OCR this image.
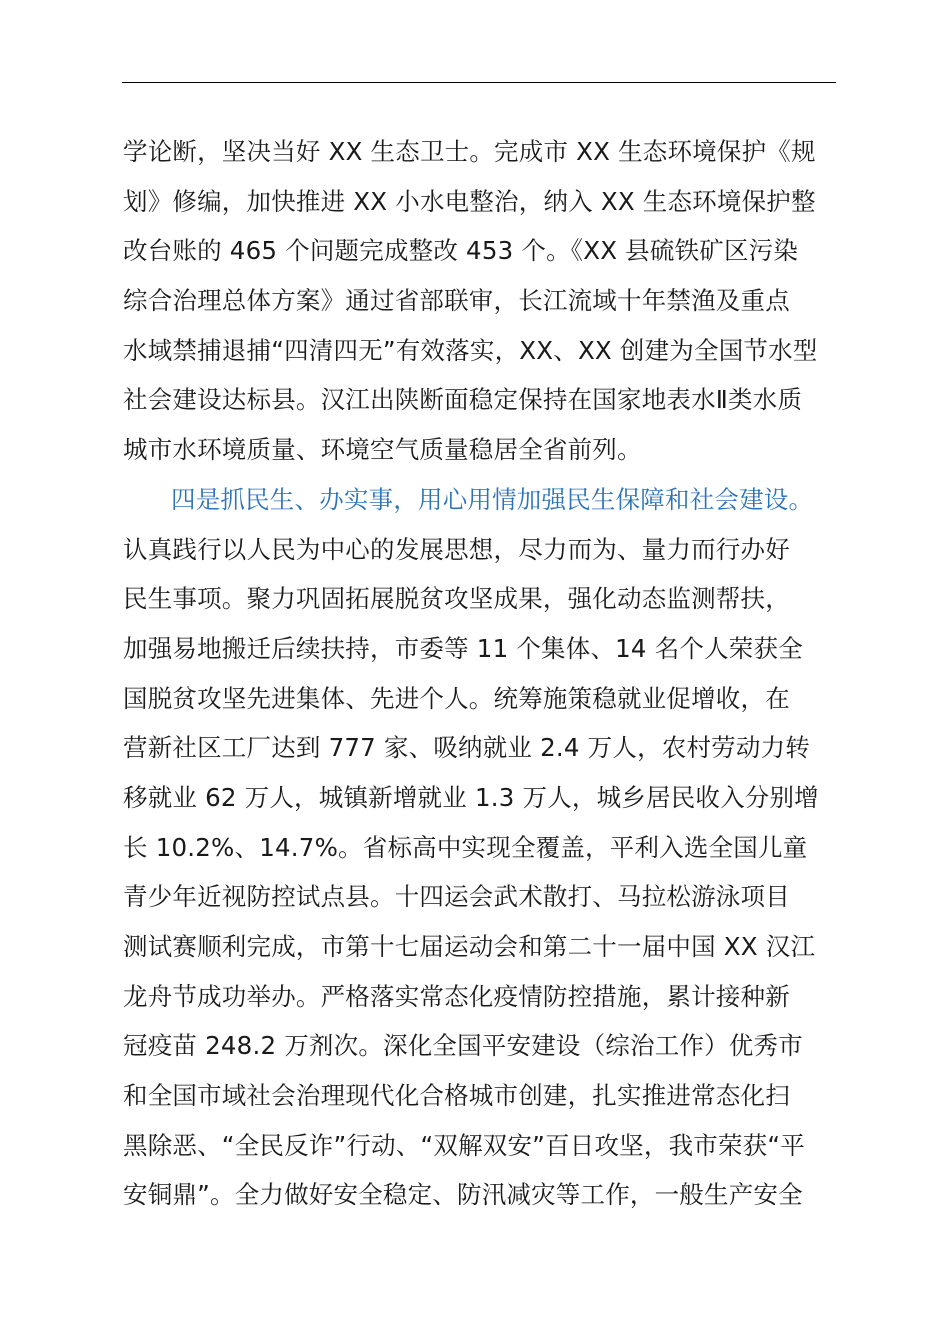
学论断，坚决当好 XX 生态卫士。完成市 XX 生态环境保护《规
划》修编，加快推进 XX 小水电整治，纳入 XX 生态环境保护整
改台账的 465 个问题完成整改 453 个。《XX 县硫铁矿区污染
综合治理总体方案》通过省部联审，长江流域十年禁渔及重点
水域禁捕退捕“四清四无”有效落实，XX、XX 创建为全国节水型
社会建设达标县。汉江出陕断面稳定保持在国家地表水Ⅱ类水质
城市水环境质量、环境空气质量稳居全省前列。
四是抓民生、办实事，用心用情加强民生保障和社会建设。
认真践行以人民为中心的发展思想，尽力而为、量力而行办好
民生事项。聚力巩固拓展脱贫攻坚成果，强化动态监测帮扶，
加强易地搬迁后续扶持，市委等 11 个集体、14 名个人荣获全
国脱贫攻坚先进集体、先进个人。统筹施策稳就业促增收，在
营新社区工厂达到 777 家、吸纳就业 2.4 万人，农村劳动力转
移就业 62 万人，城镇新增就业 1.3 万人，城乡居民收入分别增
长 10.2%、14.7%。省标高中实现全覆盖，平利入选全国儿童
青少年近视防控试点县。十四运会武术散打、马拉松游泳项目
测试赛顺利完成，市第十七届运动会和第二十一届中国 XX 汉江
龙舟节成功举办。严格落实常态化疫情防控措施，累计接种新
冠疫苗 248.2 万剂次。深化全国平安建设（综治工作）优秀市
和全国市域社会治理现代化合格城市创建，扎实推进常态化扫
黑除恶、“全民反诈”行动、“双解双安”百日攻坚，我市荣获“平
安铜鼎”。全力做好安全稳定、防汛减灾等工作，一般生产安全
